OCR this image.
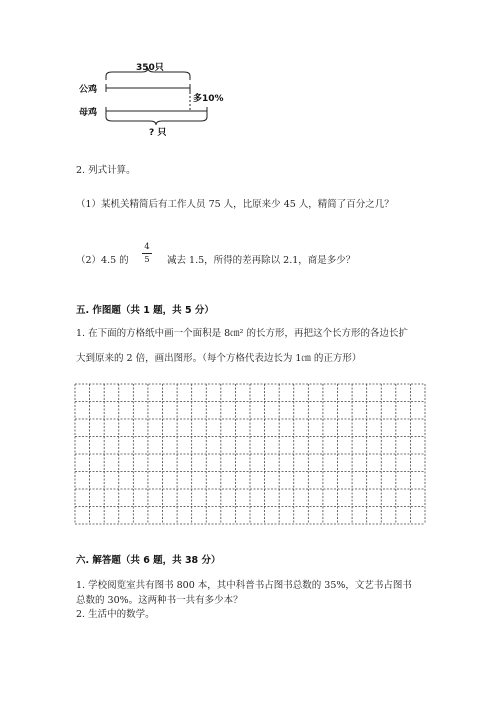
350只
公鸡
母鸡
多10%
? 只
2. 列式计算。
（1）某机关精简后有工作人员 75 人，比原来少 45 人，精简了百分之几？
（2）4.5 的
4
5 减去 1.5，所得的差再除以 2.1，商是多少？
五. 作图题（共 1 题，共 5 分）
1. 在下面的方格纸中画一个面积是 8㎝² 的长方形，再把这个长方形的各边长扩
大到原来的 2 倍，画出图形。（每个方格代表边长为 1㎝ 的正方形）
六. 解答题（共 6 题，共 38 分）
1. 学校阅览室共有图书 800 本，其中科普书占图书总数的 35%，文艺书占图书
总数的 30%。这两种书一共有多少本？
2. 生活中的数学。
